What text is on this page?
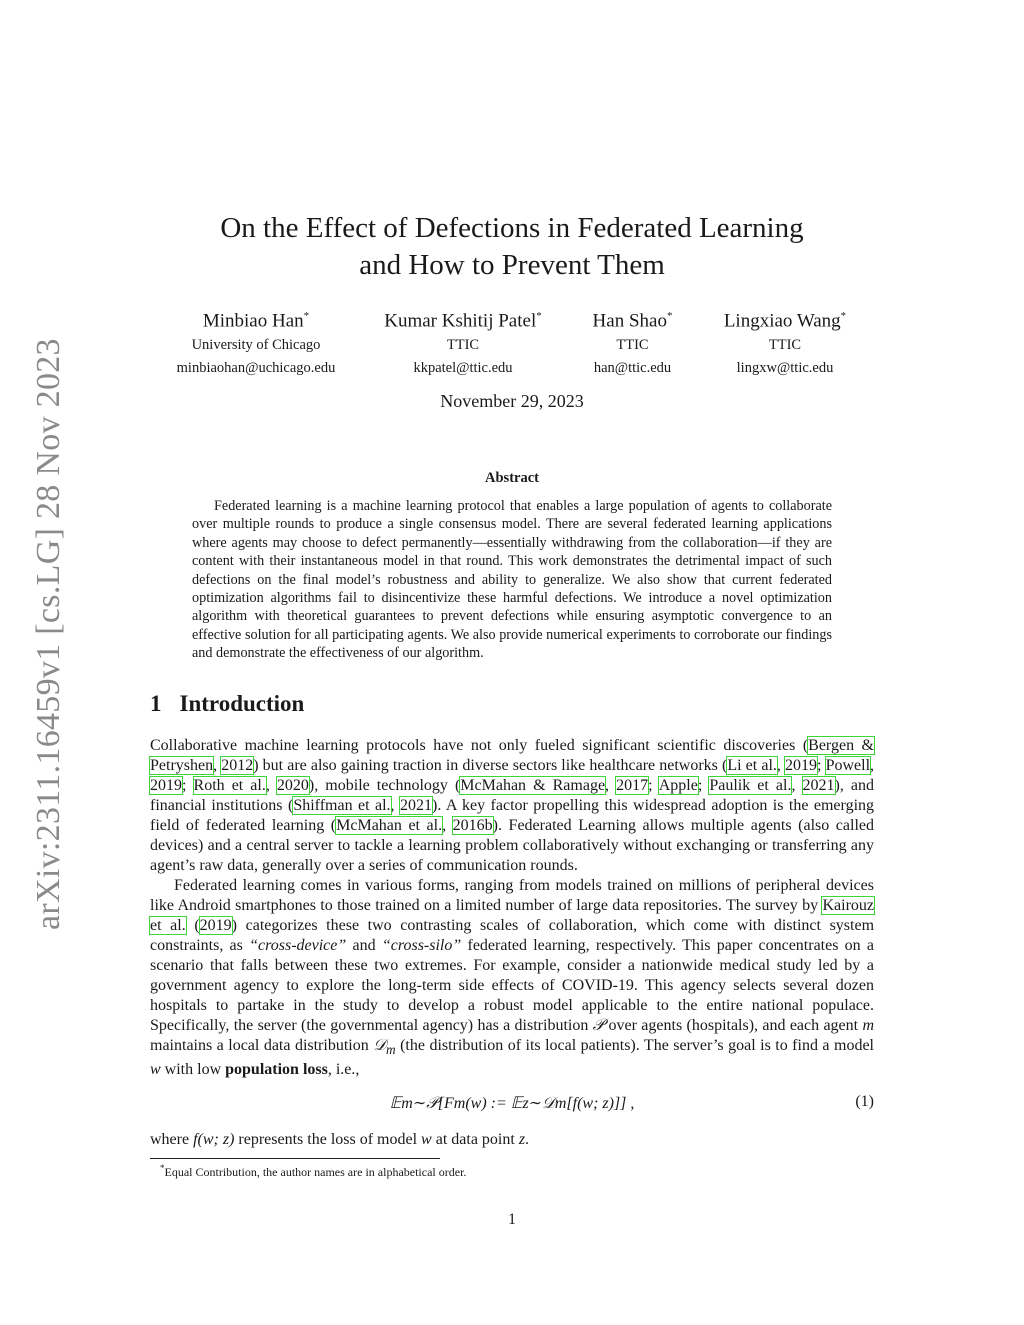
arXiv:2311.16459v1 [cs.LG] 28 Nov 2023
On the Effect of Defections in Federated Learning
and How to Prevent Them
Minbiao Han*
University of Chicago
minbiaohan@uchicago.edu
Kumar Kshitij Patel*
TTIC
kkpatel@ttic.edu
Han Shao*
TTIC
han@ttic.edu
Lingxiao Wang*
TTIC
lingxw@ttic.edu
November 29, 2023
Abstract

Federated learning is a machine learning protocol that enables a large population of agents to collaborate over multiple rounds to produce a single consensus model. There are several federated learning applications where agents may choose to defect permanently—essentially withdrawing from the collaboration—if they are content with their instantaneous model in that round. This work demonstrates the detrimental impact of such defections on the final model’s robustness and ability to generalize. We also show that current federated optimization algorithms fail to disincentivize these harmful defections. We introduce a novel optimization algorithm with theoretical guarantees to prevent defections while ensuring asymptotic convergence to an effective solution for all participating agents. We also provide numerical experiments to corroborate our findings and demonstrate the effectiveness of our algorithm.

1 Introduction

Collaborative machine learning protocols have not only fueled significant scientific discoveries (Bergen & Petryshen, 2012) but are also gaining traction in diverse sectors like healthcare networks (Li et al., 2019; Powell, 2019; Roth et al., 2020), mobile technology (McMahan & Ramage, 2017; Apple; Paulik et al., 2021), and financial institutions (Shiffman et al., 2021). A key factor propelling this widespread adoption is the emerging field of federated learning (McMahan et al., 2016b). Federated Learning allows multiple agents (also called devices) and a central server to tackle a learning problem collaboratively without exchanging or transferring any agent’s raw data, generally over a series of communication rounds.

Federated learning comes in various forms, ranging from models trained on millions of peripheral devices like Android smartphones to those trained on a limited number of large data repositories. The survey by Kairouz et al. (2019) categorizes these two contrasting scales of collaboration, which come with distinct system constraints, as “cross-device” and “cross-silo” federated learning, respectively. This paper concentrates on a scenario that falls between these two extremes. For example, consider a nationwide medical study led by a government agency to explore the long-term side effects of COVID-19. This agency selects several dozen hospitals to partake in the study to develop a robust model applicable to the entire national populace. Specifically, the server (the governmental agency) has a distribution 𝒫 over agents (hospitals), and each agent m maintains a local data distribution 𝒟$_m$ (the distribution of its local patients). The server’s goal is to find a model w with low population loss, i.e.,

𝔼m∼𝒫[Fm(w) := 𝔼z∼𝒟m[f(w; z)]] ,	(1)

where f(w; z) represents the loss of model w at data point z.

*Equal Contribution, the author names are in alphabetical order.

1
